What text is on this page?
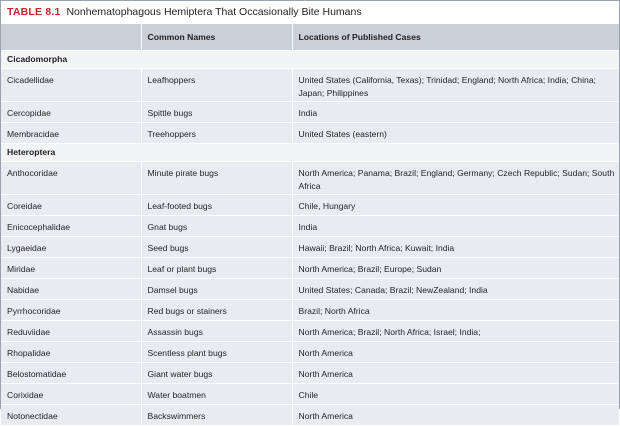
TABLE 8.1 Nonhematophagous Hemiptera That Occasionally Bite Humans
	Common Names	Locations of Published Cases
Cicadomorpha		
Cicadellidae	Leafhoppers	United States (California, Texas); Trinidad; England; North Africa; India; China; Japan; Philippines
Cercopidae	Spittle bugs	India
Membracidae	Treehoppers	United States (eastern)
Heteroptera		
Anthocoridae	Minute pirate bugs	North America; Panama; Brazil; England; Germany; Czech Republic; Sudan; South Africa
Coreidae	Leaf-footed bugs	Chile, Hungary
Enicocephalidae	Gnat bugs	India
Lygaeidae	Seed bugs	Hawaii; Brazil; North Africa; Kuwait; India
Miridae	Leaf or plant bugs	North America; Brazil; Europe; Sudan
Nabidae	Damsel bugs	United States; Canada; Brazil; NewZealand; India
Pyrrhocoridae	Red bugs or stainers	Brazil; North Africa
Reduviidae	Assassin bugs	North America; Brazil; North Africa; Israel; India;
Rhopalidae	Scentless plant bugs	North America
Belostomatidae	Giant water bugs	North America
Corixidae	Water boatmen	Chile
Notonectidae	Backswimmers	North America
